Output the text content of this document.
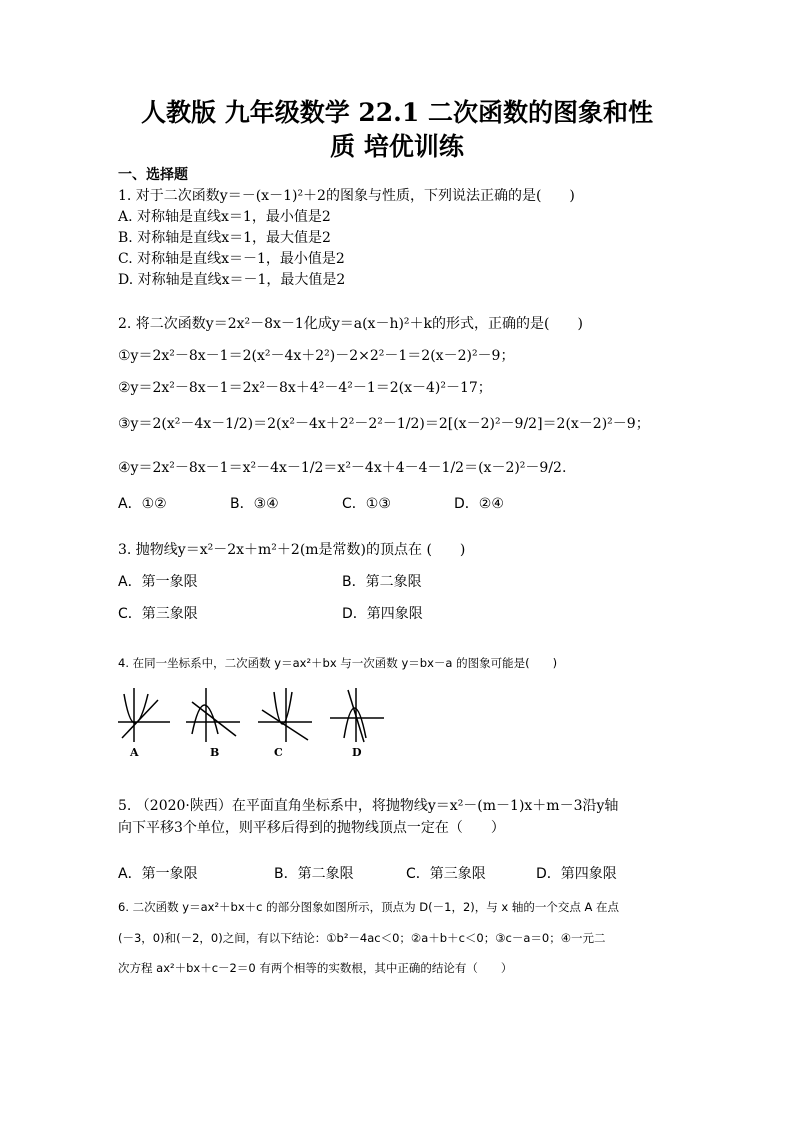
人教版 九年级数学 22.1 二次函数的图象和性
质 培优训练
一、选择题
1. 对于二次函数y＝－(x－1)²＋2的图象与性质，下列说法正确的是(　　)
A. 对称轴是直线x＝1，最小值是2
B. 对称轴是直线x＝1，最大值是2
C. 对称轴是直线x＝－1，最小值是2
D. 对称轴是直线x＝－1，最大值是2
2. 将二次函数y＝2x²－8x－1化成y＝a(x－h)²＋k的形式，正确的是(　　)
①y＝2x²－8x－1＝2(x²－4x＋2²)－2×2²－1＝2(x－2)²－9；
②y＝2x²－8x－1＝2x²－8x＋4²－4²－1＝2(x－4)²－17；
③y＝2(x²－4x－1/2)＝2(x²－4x＋2²－2²－1/2)＝2[(x－2)²－9/2]＝2(x－2)²－9；
④y＝2x²－8x－1＝x²－4x－1/2＝x²－4x＋4－4－1/2＝(x－2)²－9/2.
A．①②	B．③④	C．①③	D．②④
3. 抛物线y＝x²－2x＋m²＋2(m是常数)的顶点在 (　　)
A．第一象限	B．第二象限
C．第三象限	D．第四象限
4. 在同一坐标系中，二次函数 y＝ax²＋bx 与一次函数 y＝bx－a 的图象可能是(　　)
A	B	C	D
5. （2020·陕西）在平面直角坐标系中，将抛物线y＝x²－(m－1)x＋m－3沿y轴
向下平移3个单位，则平移后得到的抛物线顶点一定在（　　）
A．第一象限	B．第二象限	C．第三象限	D．第四象限
6. 二次函数 y＝ax²＋bx＋c 的部分图象如图所示，顶点为 D(－1，2)，与 x 轴的一个交点 A 在点
(－3，0)和(－2，0)之间，有以下结论：①b²－4ac＜0；②a＋b＋c＜0；③c－a＝0；④一元二
次方程 ax²＋bx＋c－2＝0 有两个相等的实数根，其中正确的结论有（　　）
